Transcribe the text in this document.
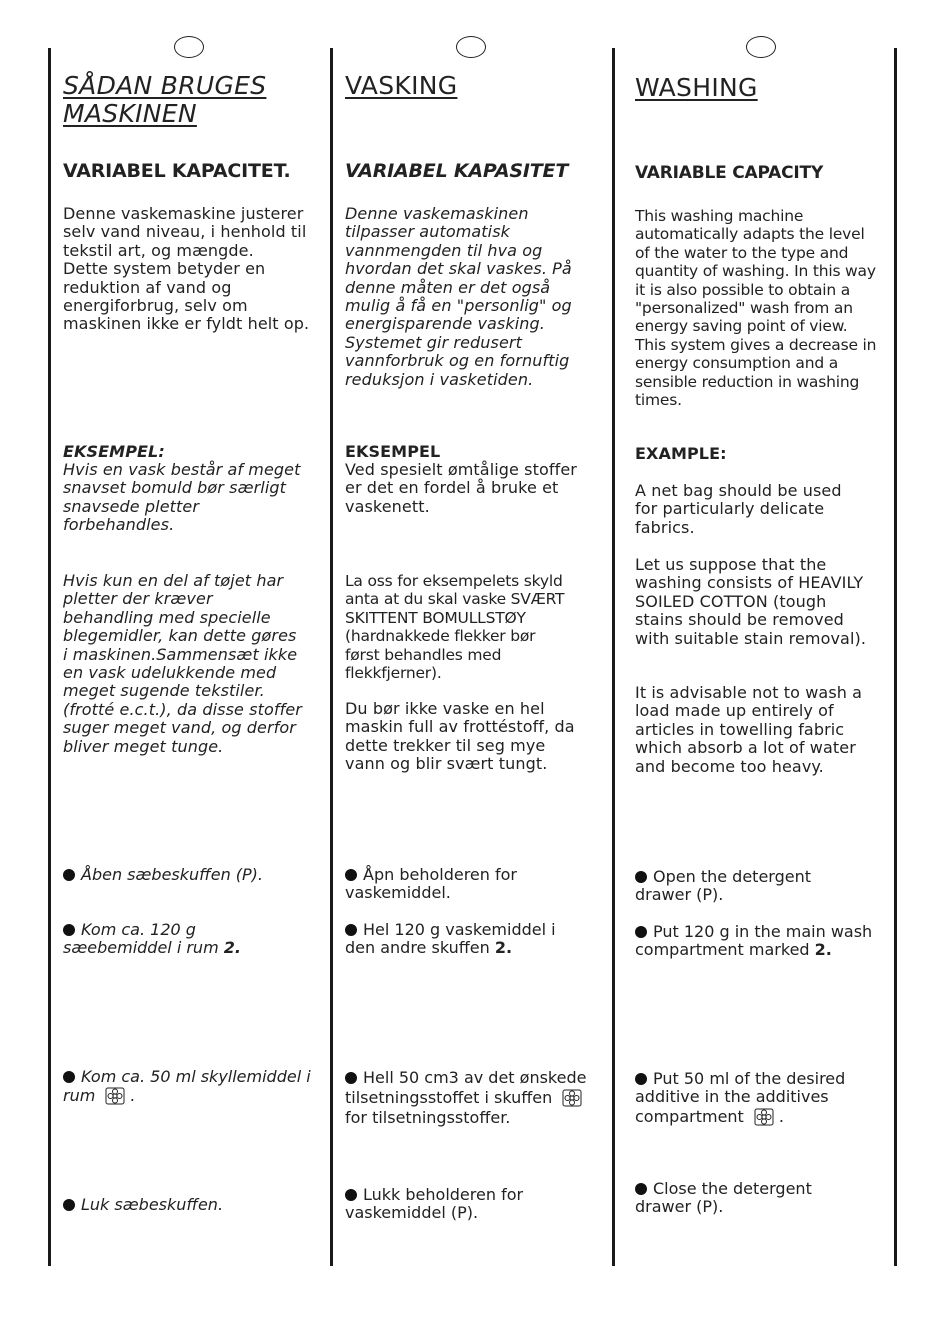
SÅDAN BRUGES
MASKINEN
VARIABEL KAPACITET.
Denne vaskemaskine justerer
selv vand niveau, i henhold til
tekstil art, og mængde.
Dette system betyder en
reduktion af vand og
energiforbrug, selv om
maskinen ikke er fyldt helt op.
EKSEMPEL:
Hvis en vask består af meget
snavset bomuld bør særligt
snavsede pletter
forbehandles.
Hvis kun en del af tøjet har
pletter der kræver
behandling med specielle
blegemidler, kan dette gøres
i maskinen.Sammensæt ikke
en vask udelukkende med
meget sugende tekstiler.
(frotté e.c.t.), da disse stoffer
suger meget vand, og derfor
bliver meget tunge.
Åben sæbeskuffen (P).
Kom ca. 120 g sæebemiddel i rum 2.
Kom ca. 50 ml skyllemiddel i rum .
Luk sæbeskuffen.
VASKING
VARIABEL KAPASITET
Denne vaskemaskinen
tilpasser automatisk
vannmengden til hva og
hvordan det skal vaskes. På
denne måten er det også
mulig å få en "personlig" og
energisparende vasking.
Systemet gir redusert
vannforbruk og en fornuftig
reduksjon i vasketiden.
EKSEMPEL
Ved spesielt ømtålige stoffer
er det en fordel å bruke et
vaskenett.
La oss for eksempelets skyld
anta at du skal vaske SVÆRT
SKITTENT BOMULLSTØY
(hardnakkede flekker bør
først behandles med
flekkfjerner).
Du bør ikke vaske en hel
maskin full av frottéstoff, da
dette trekker til seg mye
vann og blir svært tungt.
Åpn beholderen for vaskemiddel.
Hel 120 g vaskemiddel i den andre skuffen 2.
Hell 50 cm3 av det ønskede tilsetningsstoffet i skuffen for tilsetningsstoffer.
Lukk beholderen for vaskemiddel (P).
WASHING
VARIABLE CAPACITY
This washing machine
automatically adapts the level
of the water to the type and
quantity of washing. In this way
it is also possible to obtain a
"personalized" wash from an
energy saving point of view.
This system gives a decrease in
energy consumption and a
sensible reduction in washing
times.
EXAMPLE:
A net bag should be used
for particularly delicate
fabrics.
Let us suppose that the
washing consists of HEAVILY
SOILED COTTON (tough
stains should be removed
with suitable stain removal).
It is advisable not to wash a
load made up entirely of
articles in towelling fabric
which absorb a lot of water
and become too heavy.
Open the detergent drawer (P).
Put 120 g in the main wash compartment marked 2.
Put 50 ml of the desired additive in the additives compartment .
Close the detergent drawer (P).
